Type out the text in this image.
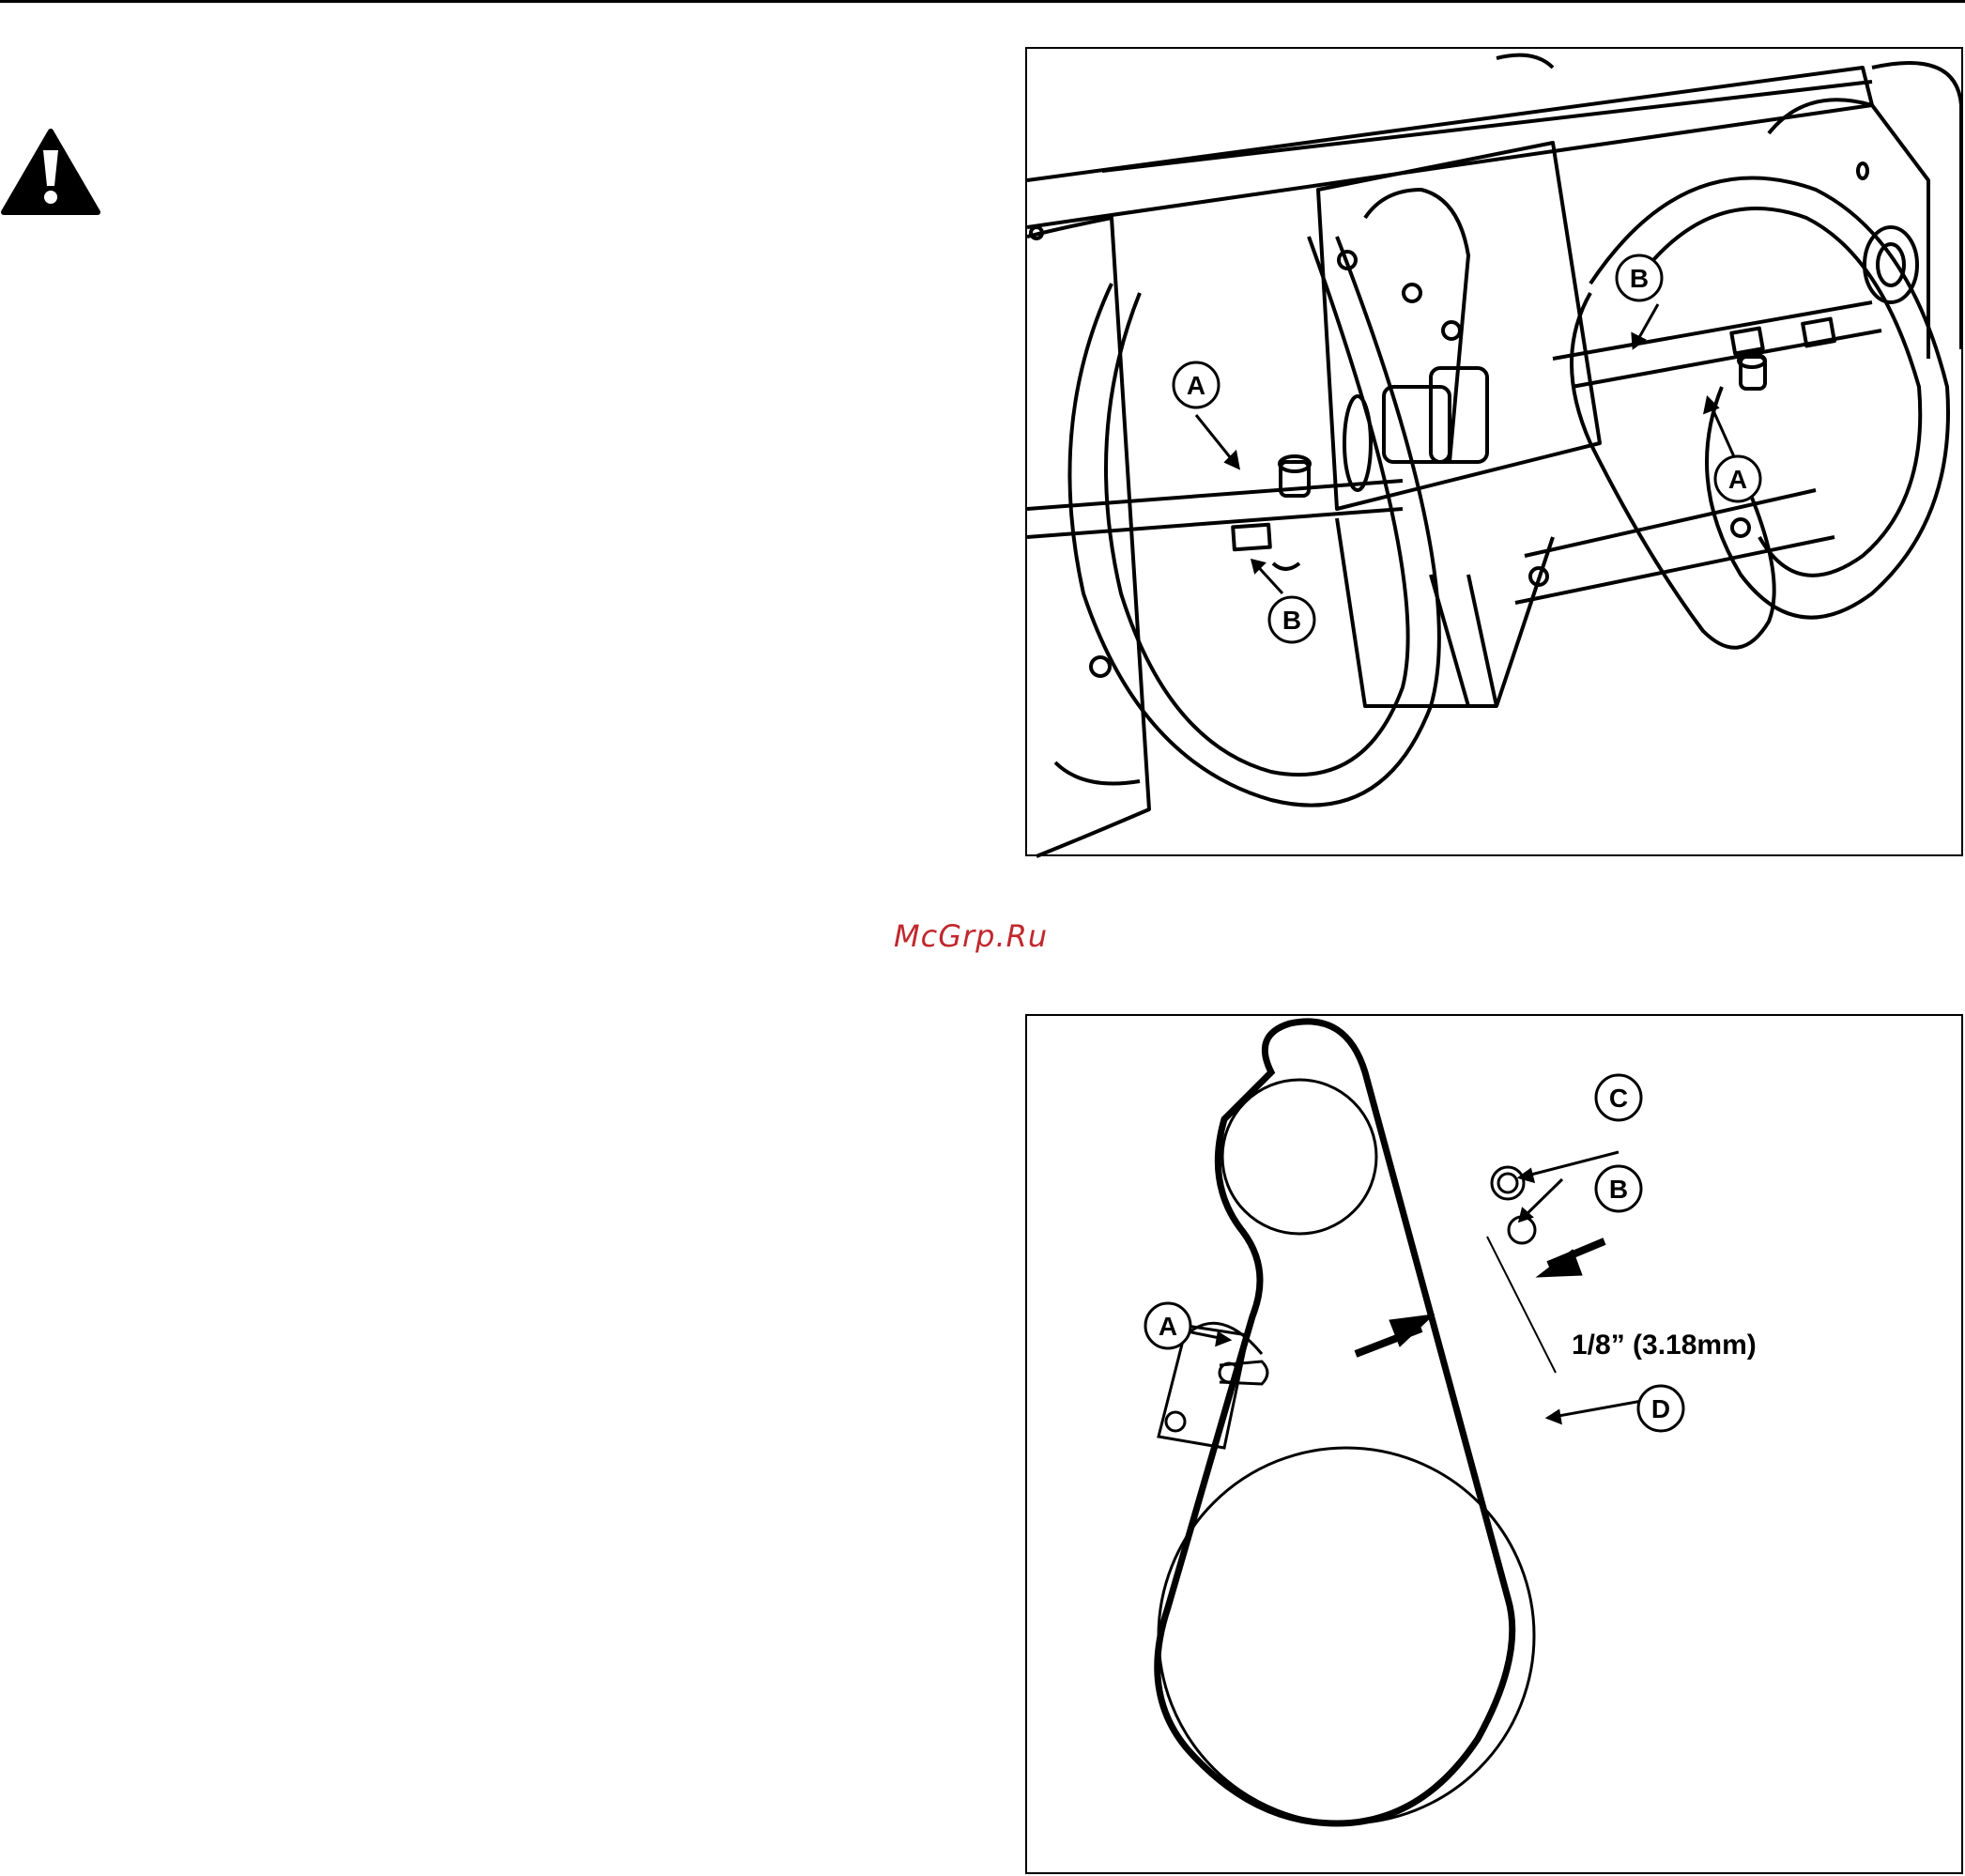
A
B
B
A
McGrp.Ru
1/8” (3.18mm)
A
C
B
D
